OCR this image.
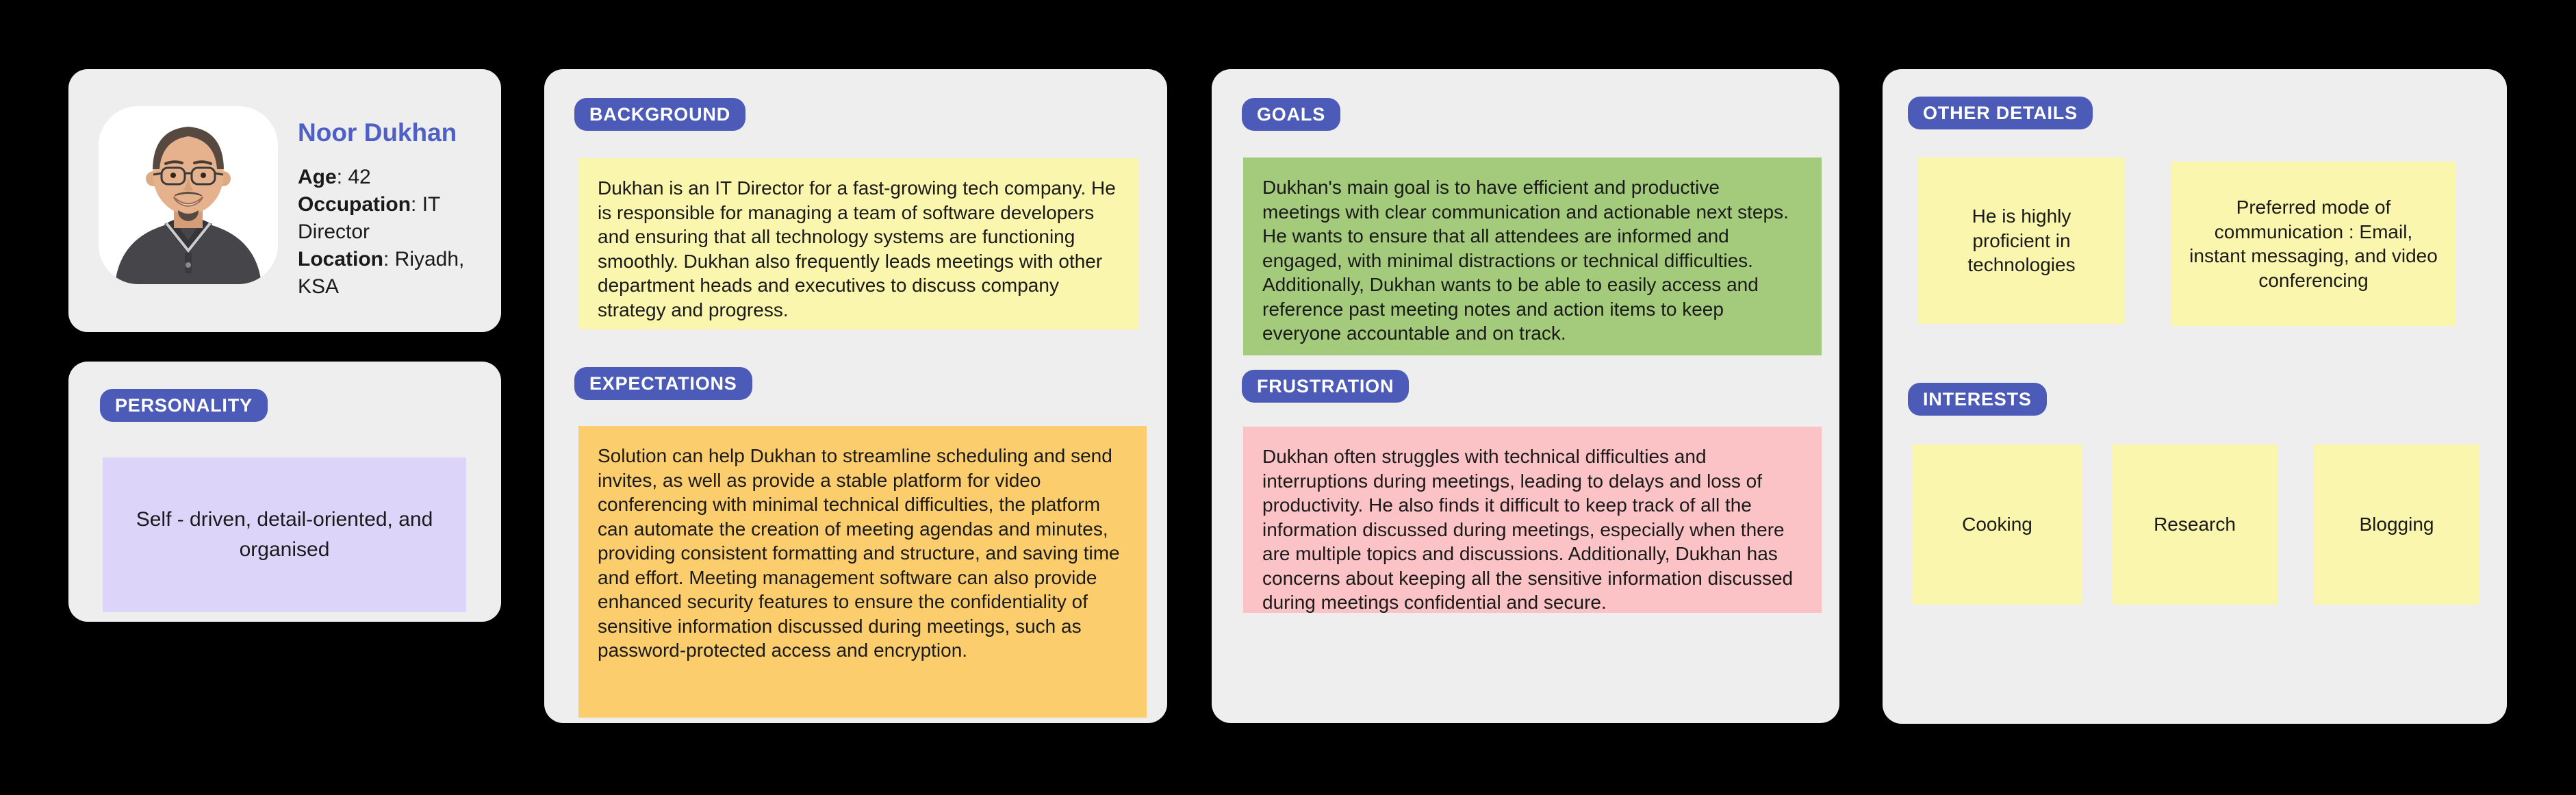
Noor Dukhan
Age: 42
Occupation: IT Director
Location: Riyadh, KSA
PERSONALITY
Self - driven, detail-oriented, and organised
BACKGROUND
Dukhan is an IT Director for a fast-growing tech company. He is responsible for managing a team of software developers and ensuring that all technology systems are functioning smoothly. Dukhan also frequently leads meetings with other department heads and executives to discuss company strategy and progress.
EXPECTATIONS
Solution can help Dukhan to streamline scheduling and send invites, as well as provide a stable platform for video conferencing with minimal technical difficulties, the platform can automate the creation of meeting agendas and minutes, providing consistent formatting and structure, and saving time and effort. Meeting management software can also provide enhanced security features to ensure the confidentiality of sensitive information discussed during meetings, such as password-protected access and encryption.
GOALS
Dukhan's main goal is to have efficient and productive meetings with clear communication and actionable next steps. He wants to ensure that all attendees are informed and engaged, with minimal distractions or technical difficulties. Additionally, Dukhan wants to be able to easily access and reference past meeting notes and action items to keep everyone accountable and on track.
FRUSTRATION
Dukhan often struggles with technical difficulties and interruptions during meetings, leading to delays and loss of productivity. He also finds it difficult to keep track of all the information discussed during meetings, especially when there are multiple topics and discussions. Additionally, Dukhan has concerns about keeping all the sensitive information discussed during meetings confidential and secure.
OTHER DETAILS
He is highly proficient in technologies
Preferred mode of communication : Email, instant messaging, and video conferencing
INTERESTS
Cooking	Research	Blogging
